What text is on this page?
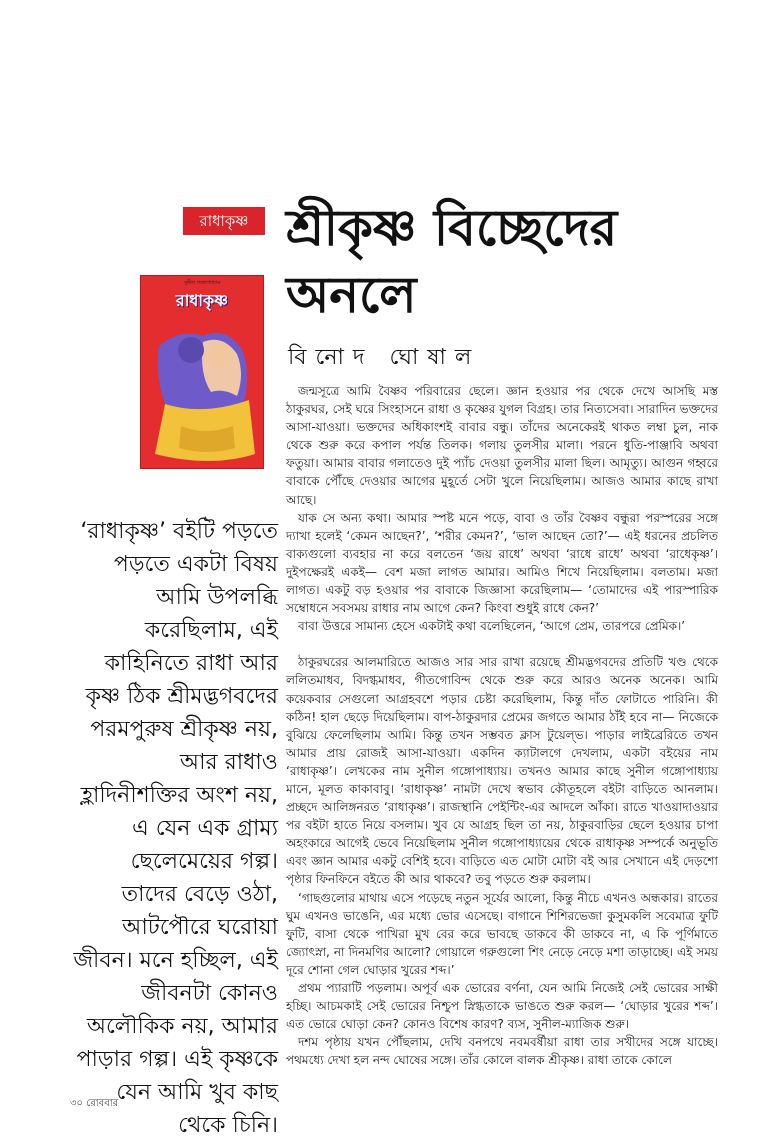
রাধাকৃষ্ণ শ্রীকৃষ্ণ বিচ্ছেদের
অনলে
বিনোদ ঘোষাল
সুনীল গঙ্গোপাধ্যায়
রাধাকৃষ্ণ

‘রাধাকৃষ্ণ’ বইটি পড়তে পড়তে একটা বিষয় আমি উপলব্ধি করেছিলাম, এই কাহিনিতে রাধা আর কৃষ্ণ ঠিক শ্রীমদ্ভগবদের পরমপুরুষ শ্রীকৃষ্ণ নয়, আর রাধাও হ্লাদিনীশক্তির অংশ নয়, এ যেন এক গ্রাম্য ছেলেমেয়ের গল্প। তাদের বেড়ে ওঠা, আটপৌরে ঘরোয়া জীবন। মনে হচ্ছিল, এই জীবনটা কোনও অলৌকিক নয়, আমার পাড়ার গল্প। এই কৃষ্ণকে যেন আমি খুব কাছ থেকে চিনি।

জন্মসূত্রে আমি বৈষ্ণব পরিবারের ছেলে। জ্ঞান হওয়ার পর থেকে দেখে আসছি মস্ত ঠাকুরঘর, সেই ঘরে সিংহাসনে রাধা ও কৃষ্ণের যুগল বিগ্রহ। তার নিত্যসেবা। সারাদিন ভক্তদের আসা-যাওয়া। ভক্তদের অধিকাংশই বাবার বন্ধু। তাঁদের অনেকেরই থাকত লম্বা চুল, নাক থেকে শুরু করে কপাল পর্যন্ত তিলক। গলায় তুলসীর মালা। পরনে ধুতি-পাঞ্জাবি অথবা ফতুয়া। আমার বাবার গলাতেও দুই প্যাঁচ দেওয়া তুলসীর মালা ছিল। আমৃত্যু। আগুন গহ্বরে বাবাকে পৌঁছে দেওয়ার আগের মুহূর্তে সেটা খুলে নিয়েছিলাম। আজও আমার কাছে রাখা আছে।

যাক সে অন্য কথা। আমার স্পষ্ট মনে পড়ে, বাবা ও তাঁর বৈষ্ণব বন্ধুরা পরস্পরের সঙ্গে দ্যাখা হলেই ‘কেমন আছেন?’, ‘শরীর কেমন?’, ‘ভাল আছেন তো?’— এই ধরনের প্রচলিত বাক্যগুলো ব্যবহার না করে বলতেন ‘জয় রাধে’ অথবা ‘রাধে রাধে’ অথবা ‘রাধেকৃষ্ণ’। দুইপক্ষেরই একই— বেশ মজা লাগত আমার। আমিও শিখে নিয়েছিলাম। বলতাম। মজা লাগত। একটু বড় হওয়ার পর বাবাকে জিজ্ঞাসা করেছিলাম— ‘তোমাদের এই পারস্পারিক সম্বোধনে সবসময় রাধার নাম আগে কেন? কিংবা শুধুই রাধে কেন?’

বাবা উত্তরে সামান্য হেসে একটাই কথা বলেছিলেন, ‘আগে প্রেম, তারপরে প্রেমিক।’

ঠাকুরঘরের আলমারিতে আজও সার সার রাখা রয়েছে শ্রীমদ্ভগবদের প্রতিটি খণ্ড থেকে ললিতমাধব, বিদগ্ধমাধব, গীতগোবিন্দ থেকে শুরু করে আরও অনেক অনেক। আমি কয়েকবার সেগুলো আগ্রহবশে পড়ার চেষ্টা করেছিলাম, কিন্তু দাঁত ফোটাতে পারিনি। কী কঠিন! হাল ছেড়ে দিয়েছিলাম। বাপ-ঠাকুরদার প্রেমের জগতে আমার ঠাঁই হবে না— নিজেকে বুঝিয়ে ফেলেছিলাম আমি। কিন্তু তখন সম্ভবত ক্লাস টুয়েল্‌ভ। পাড়ার লাইব্রেরিতে তখন আমার প্রায় রোজই আসা-যাওয়া। একদিন ক্যাটালগে দেখলাম, একটা বইয়ের নাম ‘রাধাকৃষ্ণ’। লেখকের নাম সুনীল গঙ্গোপাধ্যায়। তখনও আমার কাছে সুনীল গঙ্গোপাধ্যায় মানে, মূলত কাকাবাবু। ‘রাধাকৃষ্ণ’ নামটা দেখে স্বভাব কৌতূহলে বইটা বাড়িতে আনলাম। প্রচ্ছদে আলিঙ্গনরত ‘রাধাকৃষ্ণ’। রাজস্থানি পেইন্টিং-এর আদলে আঁকা। রাতে খাওয়াদাওয়ার পর বইটা হাতে নিয়ে বসলাম। খুব যে আগ্রহ ছিল তা নয়, ঠাকুরবাড়ির ছেলে হওয়ার চাপা অহংকারে আগেই ভেবে নিয়েছিলাম সুনীল গঙ্গোপাধ্যায়ের থেকে রাধাকৃষ্ণ সম্পর্কে অনুভূতি এবং জ্ঞান আমার একটু বেশিই হবে। বাড়িতে এত মোটা মোটা বই আর সেখানে এই দেড়শো পৃষ্ঠার ফিনফিনে বইতে কী আর থাকবে? তবু পড়তে শুরু করলাম।

‘গাছগুলোর মাথায় এসে পড়েছে নতুন সূর্যের আলো, কিন্তু নীচে এখনও অন্ধকার। রাতের ঘুম এখনও ভাঙেনি, এর মধ্যে ভোর এসেছে। বাগানে শিশিরভেজা কুসুমকলি সবেমাত্র ফুটি ফুটি, বাসা থেকে পাখিরা মুখ বের করে ভাবছে ডাকবে কী ডাকবে না, এ কি পূর্ণিমাতে জ্যোৎস্না, না দিনমণির আলো? গোয়ালে গরুগুলো শিং নেড়ে নেড়ে মশা তাড়াচ্ছে। এই সময় দূরে শোনা গেল ঘোড়ার খুরের শব্দ।’

প্রথম প্যারাটি পড়লাম। অপূর্ব এক ভোরের বর্ণনা, যেন আমি নিজেই সেই ভোরের সাক্ষী হচ্ছি। আচমকাই সেই ভোরের নিশ্চুপ স্নিগ্ধতাকে ভাঙতে শুরু করল— ‘ঘোড়ার খুরের শব্দ’। এত ভোরে ঘোড়া কেন? কোনও বিশেষ কারণ? ব্যস, সুনীল-ম্যাজিক শুরু।

দশম পৃষ্ঠায় যখন পৌঁছলাম, দেখি বনপথে নবমবর্ষীয়া রাধা তার সখীদের সঙ্গে যাচ্ছে। পথমধ্যে দেখা হল নন্দ ঘোষের সঙ্গে। তাঁর কোলে বালক শ্রীকৃষ্ণ। রাধা তাকে কোলে

৩০ রোববার
